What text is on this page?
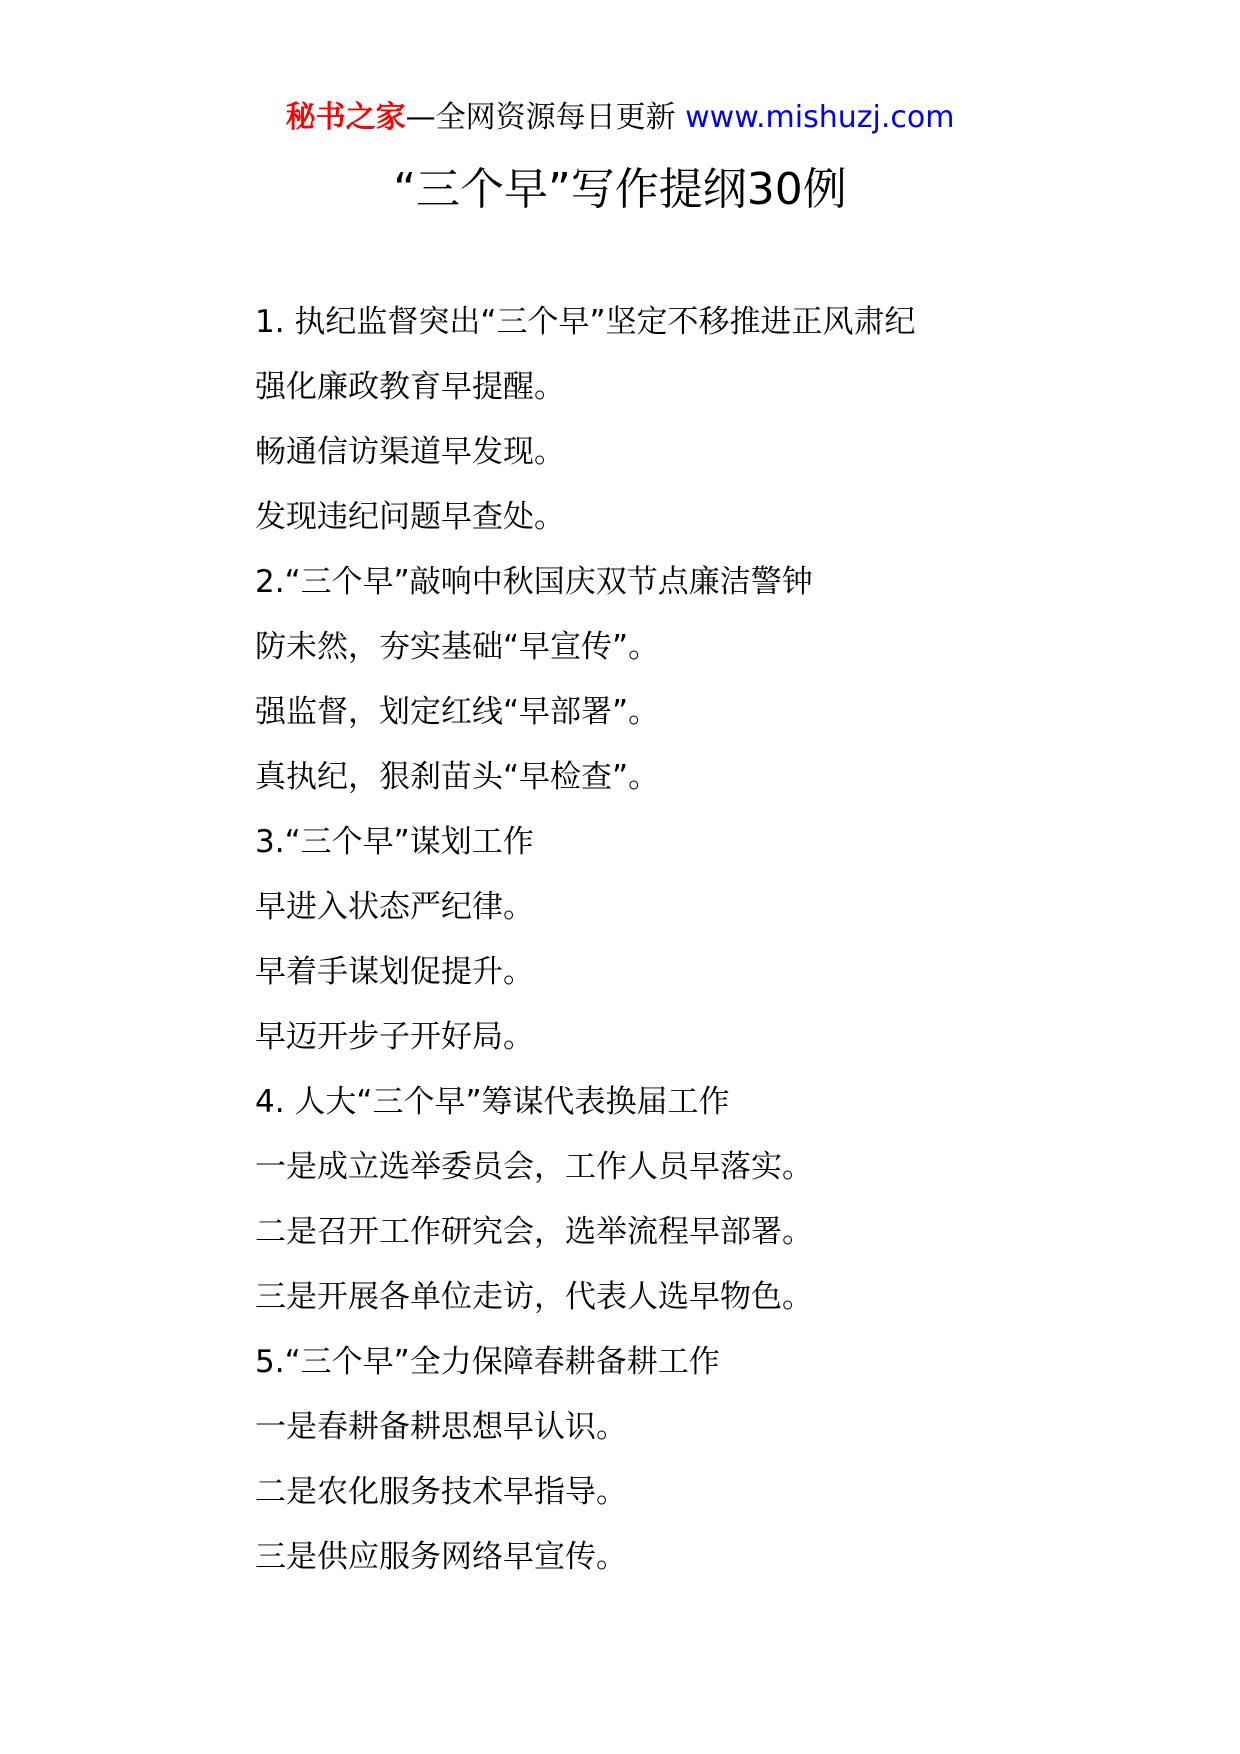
秘书之家—全网资源每日更新 www.mishuzj.com
“三个早”写作提纲30例
1. 执纪监督突出“三个早”坚定不移推进正风肃纪
强化廉政教育早提醒。
畅通信访渠道早发现。
发现违纪问题早查处。
2.“三个早”敲响中秋国庆双节点廉洁警钟
防未然，夯实基础“早宣传”。
强监督，划定红线“早部署”。
真执纪，狠刹苗头“早检查”。
3.“三个早”谋划工作
早进入状态严纪律。
早着手谋划促提升。
早迈开步子开好局。
4. 人大“三个早”筹谋代表换届工作
一是成立选举委员会，工作人员早落实。
二是召开工作研究会，选举流程早部署。
三是开展各单位走访，代表人选早物色。
5.“三个早”全力保障春耕备耕工作
一是春耕备耕思想早认识。
二是农化服务技术早指导。
三是供应服务网络早宣传。
